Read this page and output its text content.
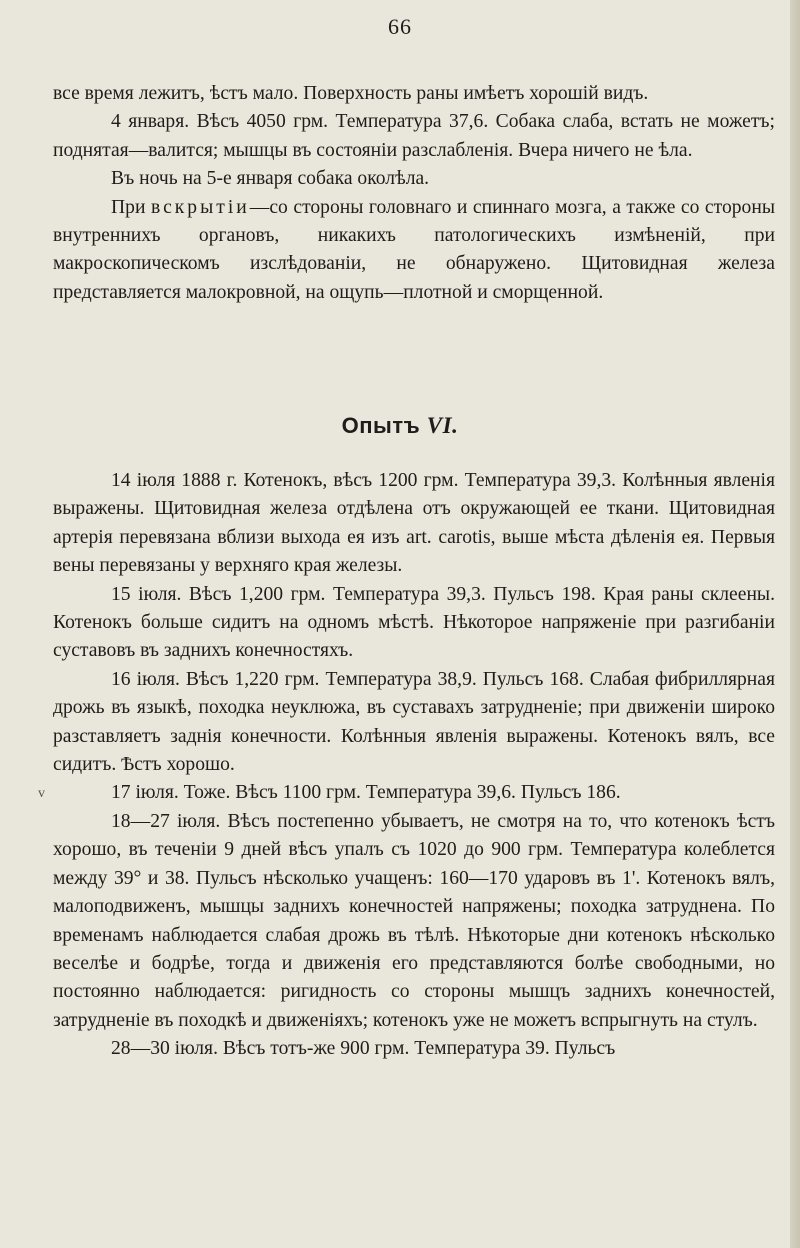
66

все время лежитъ, ѣстъ мало. Поверхность раны имѣетъ хорошій видъ.

4 января. Вѣсъ 4050 грм. Температура 37,6. Собака слаба, встать не можетъ; поднятая—валится; мышцы въ состояніи разслабленія. Вчера ничего не ѣла.

Въ ночь на 5-е января собака околѣла.

При вскрытіи—со стороны головнаго и спиннаго мозга, а также со стороны внутреннихъ органовъ, никакихъ патологическихъ измѣненій, при макроскопическомъ изслѣдованіи, не обнаружено. Щитовидная железа представляется малокровной, на ощупь—плотной и сморщенной.

Опытъ VI.

14 іюля 1888 г. Котенокъ, вѣсъ 1200 грм. Температура 39,3. Колѣнныя явленія выражены. Щитовидная железа отдѣлена отъ окружающей ее ткани. Щитовидная артерія перевязана вблизи выхода ея изъ art. carotis, выше мѣста дѣленія ея. Первыя вены перевязаны у верхняго края железы.

15 іюля. Вѣсъ 1,200 грм. Температура 39,3. Пульсъ 198. Края раны склеены. Котенокъ больше сидитъ на одномъ мѣстѣ. Нѣкоторое напряженіе при разгибаніи суставовъ въ заднихъ конечностяхъ.

16 іюля. Вѣсъ 1,220 грм. Температура 38,9. Пульсъ 168. Слабая фибриллярная дрожь въ языкѣ, походка неуклюжа, въ суставахъ затрудненіе; при движеніи широко разставляетъ заднія конечности. Колѣнныя явленія выражены. Котенокъ вялъ, все сидитъ. Ѣстъ хорошо.

17 іюля. Тоже. Вѣсъ 1100 грм. Температура 39,6. Пульсъ 186.

18—27 іюля. Вѣсъ постепенно убываетъ, не смотря на то, что котенокъ ѣстъ хорошо, въ теченіи 9 дней вѣсъ упалъ съ 1020 до 900 грм. Температура колеблется между 39° и 38. Пульсъ нѣсколько учащенъ: 160—170 ударовъ въ 1'. Котенокъ вялъ, малоподвиженъ, мышцы заднихъ конечностей напряжены; походка затруднена. По временамъ наблюдается слабая дрожь въ тѣлѣ. Нѣкоторые дни котенокъ нѣсколько веселѣе и бодрѣе, тогда и движенія его представляются болѣе свободными, но постоянно наблюдается: ригидность со стороны мышцъ заднихъ конечностей, затрудненіе въ походкѣ и движеніяхъ; котенокъ уже не можетъ вспрыгнуть на стулъ.

28—30 іюля. Вѣсъ тотъ-же 900 грм. Температура 39. Пульсъ

v
